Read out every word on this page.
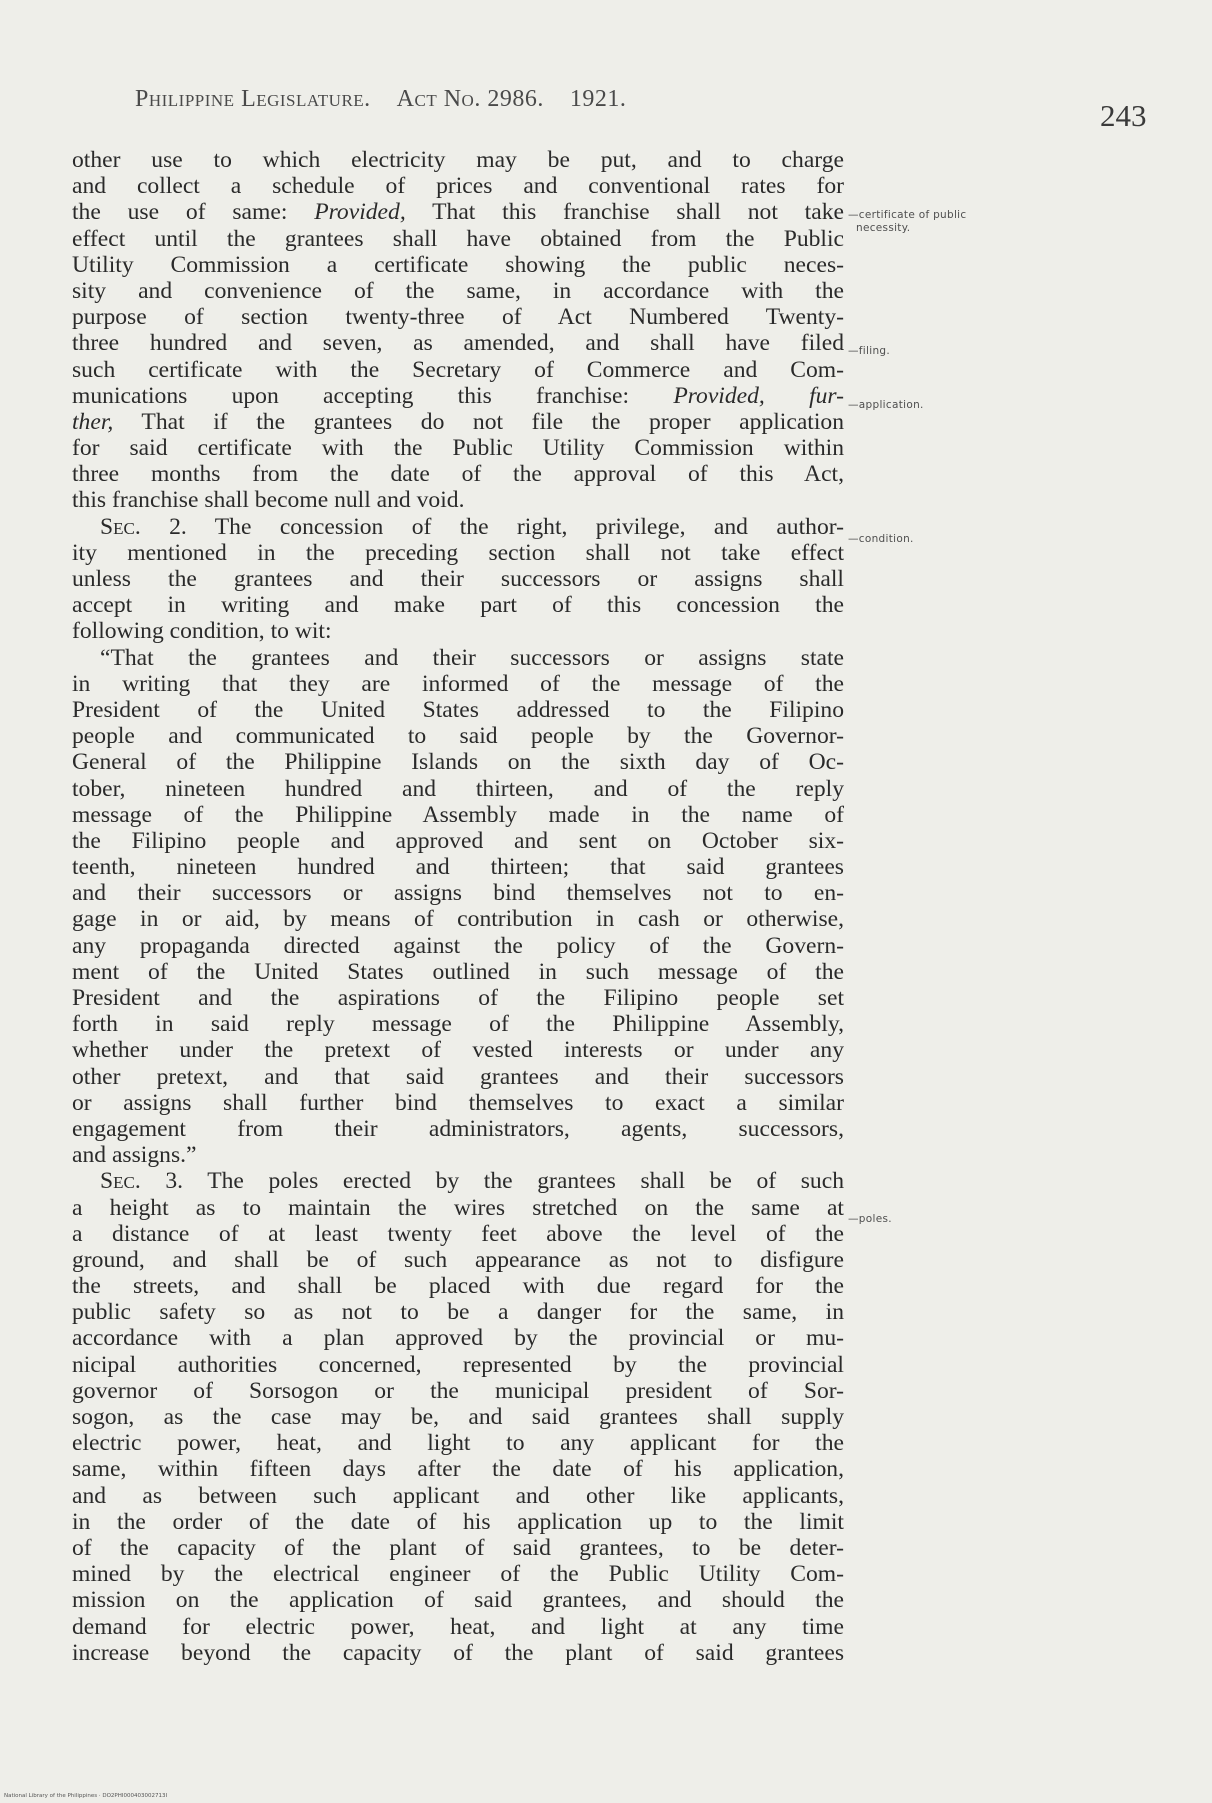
Philippine Legislature. Act No. 2986. 1921.	243
other use to which electricity may be put, and to charge
and collect a schedule of prices and conventional rates for
the use of same: Provided, That this franchise shall not take
effect until the grantees shall have obtained from the Public
Utility Commission a certificate showing the public neces-
sity and convenience of the same, in accordance with the
purpose of section twenty-three of Act Numbered Twenty-
three hundred and seven, as amended, and shall have filed
such certificate with the Secretary of Commerce and Com-
munications upon accepting this franchise: Provided, fur-
ther, That if the grantees do not file the proper application
for said certificate with the Public Utility Commission within
three months from the date of the approval of this Act,
this franchise shall become null and void.
Sec. 2. The concession of the right, privilege, and author-
ity mentioned in the preceding section shall not take effect
unless the grantees and their successors or assigns shall
accept in writing and make part of this concession the
following condition, to wit:
“That the grantees and their successors or assigns state
in writing that they are informed of the message of the
President of the United States addressed to the Filipino
people and communicated to said people by the Governor-
General of the Philippine Islands on the sixth day of Oc-
tober, nineteen hundred and thirteen, and of the reply
message of the Philippine Assembly made in the name of
the Filipino people and approved and sent on October six-
teenth, nineteen hundred and thirteen; that said grantees
and their successors or assigns bind themselves not to en-
gage in or aid, by means of contribution in cash or otherwise,
any propaganda directed against the policy of the Govern-
ment of the United States outlined in such message of the
President and the aspirations of the Filipino people set
forth in said reply message of the Philippine Assembly,
whether under the pretext of vested interests or under any
other pretext, and that said grantees and their successors
or assigns shall further bind themselves to exact a similar
engagement from their administrators, agents, successors,
and assigns.”
Sec. 3. The poles erected by the grantees shall be of such
a height as to maintain the wires stretched on the same at
a distance of at least twenty feet above the level of the
ground, and shall be of such appearance as not to disfigure
the streets, and shall be placed with due regard for the
public safety so as not to be a danger for the same, in
accordance with a plan approved by the provincial or mu-
nicipal authorities concerned, represented by the provincial
governor of Sorsogon or the municipal president of Sor-
sogon, as the case may be, and said grantees shall supply
electric power, heat, and light to any applicant for the
same, within fifteen days after the date of his application,
and as between such applicant and other like applicants,
in the order of the date of his application up to the limit
of the capacity of the plant of said grantees, to be deter-
mined by the electrical engineer of the Public Utility Com-
mission on the application of said grantees, and should the
demand for electric power, heat, and light at any time
increase beyond the capacity of the plant of said grantees
—certificate of public
necessity.
—filing.
—application.
—condition.
—poles.
National Library of the Philippines · DO2PHI000403002713I
